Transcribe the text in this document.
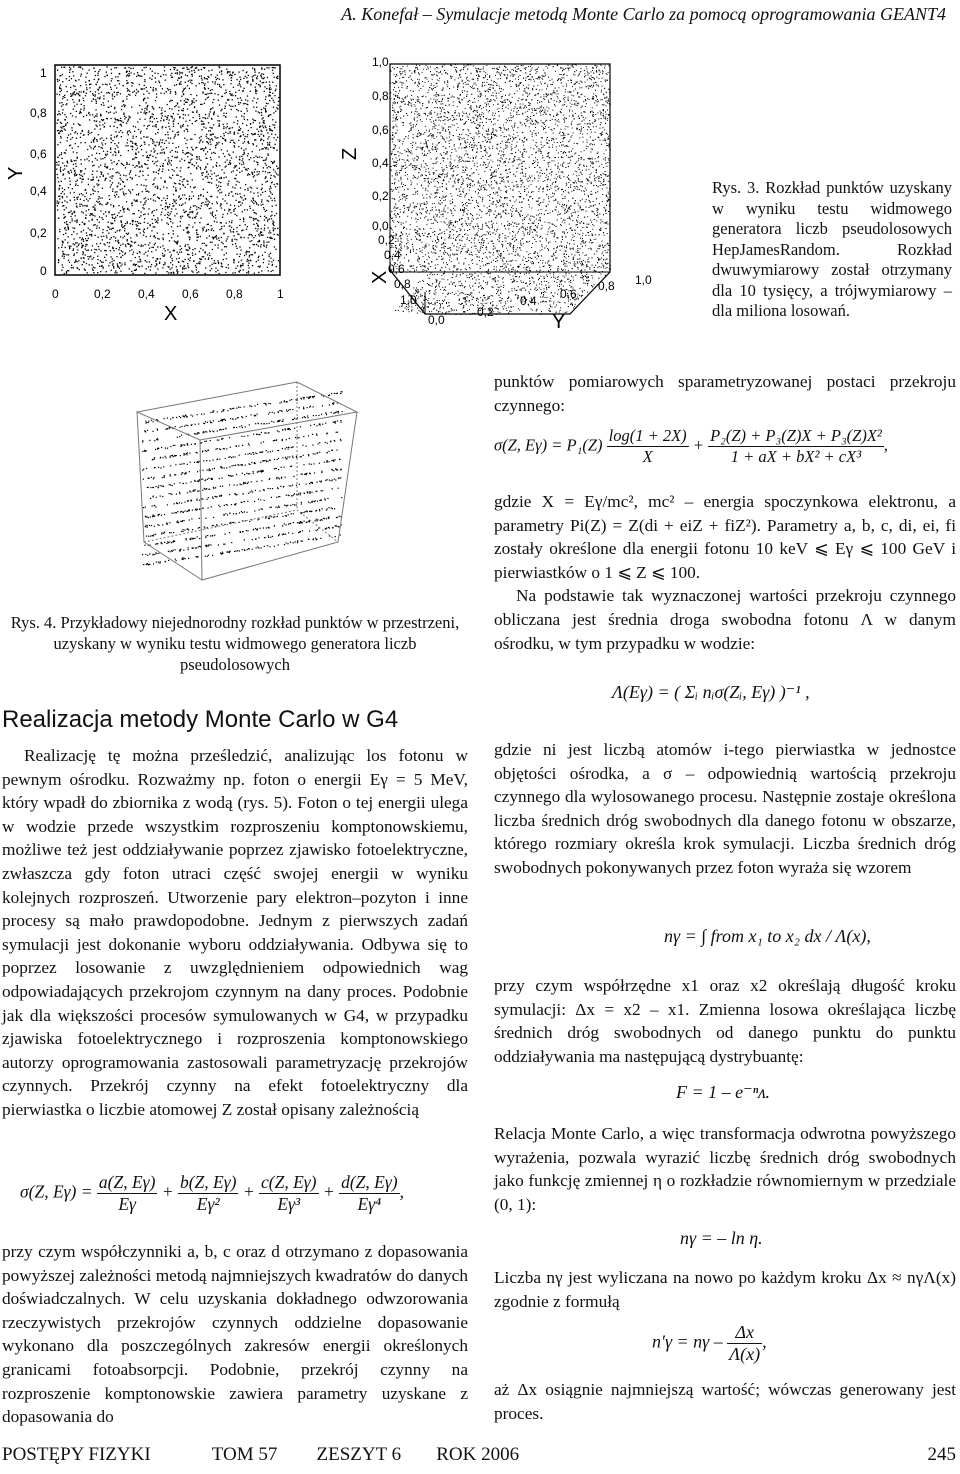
A. Konefał – Symulacje metodą Monte Carlo za pomocą oprogramowania GEANT4
1
0,8
0,6
0,4
0,2
0
0	0,2 0,4 0,6 0,8	1
X
Y
1,0
0,8
0,6
0,4
0,2
0,0
0,2
0,4
0,6
0,8
1,0
0,0
0,2
0,4 0,6
0,8 1,0
Z
X
Y
Rys. 3. Rozkład punktów uzyskany w wyniku testu widmowego generatora liczb pseudolosowych HepJamesRandom. Rozkład dwuwymiarowy został otrzymany dla 10 tysięcy, a trójwymiarowy – dla miliona losowań.
Rys. 4. Przykładowy niejednorodny rozkład punktów w przestrzeni, uzyskany w wyniku testu widmowego generatora liczb pseudolosowych
Realizacja metody Monte Carlo w G4

Realizację tę można prześledzić, analizując los fotonu w pewnym ośrodku. Rozważmy np. foton o energii Eγ = 5 MeV, który wpadł do zbiornika z wodą (rys. 5). Foton o tej energii ulega w wodzie przede wszystkim rozproszeniu komptonowskiemu, możliwe też jest oddziaływanie poprzez zjawisko fotoelektryczne, zwłaszcza gdy foton utraci część swojej energii w wyniku kolejnych rozproszeń. Utworzenie pary elektron–pozyton i inne procesy są mało prawdopodobne. Jednym z pierwszych zadań symulacji jest dokonanie wyboru oddziaływania. Odbywa się to poprzez losowanie z uwzględnieniem odpowiednich wag odpowiadających przekrojom czynnym na dany proces. Podobnie jak dla większości procesów symulowanych w G4, w przypadku zjawiska fotoelektrycznego i rozproszenia komptonowskiego autorzy oprogramowania zastosowali parametryzację przekrojów czynnych. Przekrój czynny na efekt fotoelektryczny dla pierwiastka o liczbie atomowej Z został opisany zależnością

σ(Z, $E\gamma) = \frac{a(Z, E\gamma)}{E\gamma} + \frac{b(Z, E\gamma)}{\text{Eγ²}} + \frac{c(Z, E\gamma)}{\text{Eγ³}} + \frac{d(Z, E\gamma)}{\text{Eγ⁴}}$ ,

przy czym współczynniki a, b, c oraz d otrzymano z dopasowania powyższej zależności metodą najmniejszych kwadratów do danych doświadczalnych. W celu uzyskania dokładnego odwzorowania rzeczywistych przekrojów czynnych oddzielne dopasowanie wykonano dla poszczególnych zakresów energii określonych granicami fotoabsorpcji. Podobnie, przekrój czynny na rozproszenie komptonowskie zawiera parametry uzyskane z dopasowania do

punktów pomiarowych sparametryzowanej postaci przekroju czynnego:

σ(Z, $E\gamma) = P_1(Z) \frac{\log(1 + 2X)}{X} + \frac{\text{P₂(Z) + P₃(Z)X + P₃(Z)X²}}{\text{1 + aX + bX² + cX³}}$ ,

gdzie X = Eγ/mc², mc² – energia spoczynkowa elektronu, a parametry Pi(Z) = Z(di + eiZ + fiZ²). Parametry a, b, c, di, ei, fi zostały określone dla energii fotonu 10 keV ⩽ Eγ ⩽ 100 GeV i pierwiastków o 1 ⩽ Z ⩽ 100.

Na podstawie tak wyznaczonej wartości przekroju czynnego obliczana jest średnia droga swobodna fotonu Λ w danym ośrodku, w tym przypadku w wodzie:

Λ(Eγ) = ( Σᵢ nᵢσ(Zᵢ, Eγ) )⁻¹ ,

gdzie ni jest liczbą atomów i-tego pierwiastka w jednostce objętości ośrodka, a σ – odpowiednią wartością przekroju czynnego dla wylosowanego procesu. Następnie zostaje określona liczba średnich dróg swobodnych dla danego fotonu w obszarze, którego rozmiary określa krok symulacji. Liczba średnich dróg swobodnych pokonywanych przez foton wyraża się wzorem

nγ = ∫ from x₁ to x₂ dx / Λ(x),

przy czym współrzędne x1 oraz x2 określają długość kroku symulacji: Δx = x2 – x1. Zmienna losowa określająca liczbę średnich dróg swobodnych od danego punktu do punktu oddziaływania ma następującą dystrybuantę:

F = 1 – e⁻ⁿᴧ.

Relacja Monte Carlo, a więc transformacja odwrotna powyższego wyrażenia, pozwala wyrazić liczbę średnich dróg swobodnych jako funkcję zmiennej η o rozkładzie równomiernym w przedziale (0, 1):

nγ = – ln η.

Liczba nγ jest wyliczana na nowo po każdym kroku Δx ≈ nγΛ(x) zgodnie z formułą

$n'\gamma = n\gamma - \frac{\Delta x}{\Lambda(x)}$ ,

aż Δx osiągnie najmniejszą wartość; wówczas generowany jest proces.

POSTĘPY FIZYKI	TOM 57 ZESZYT 6 ROK 2006	245
